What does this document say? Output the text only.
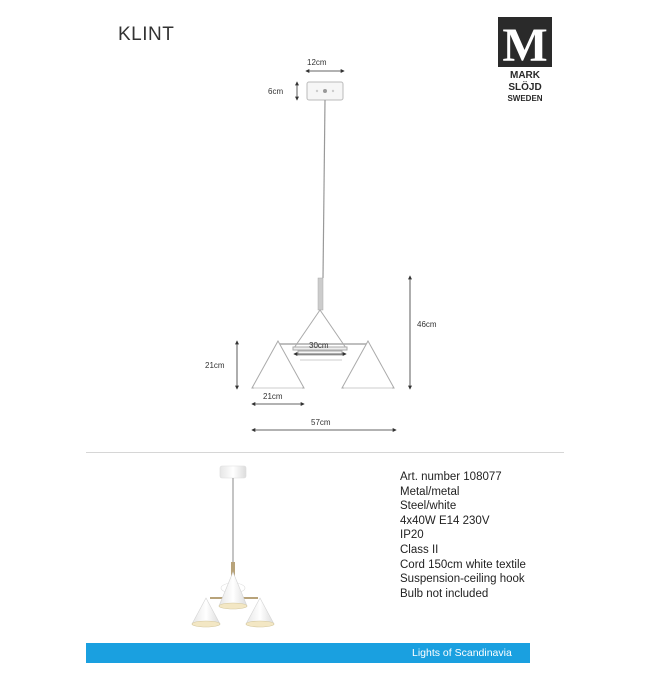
KLINT	M
MARK
SLÖJD
SWEDEN
12cm
6cm
46cm
30cm
21cm
21cm
57cm
Art. number 108077
Metal/metal
Steel/white
4x40W E14 230V
IP20
Class II
Cord 150cm white textile
Suspension-ceiling hook
Bulb not included
Lights of Scandinavia
